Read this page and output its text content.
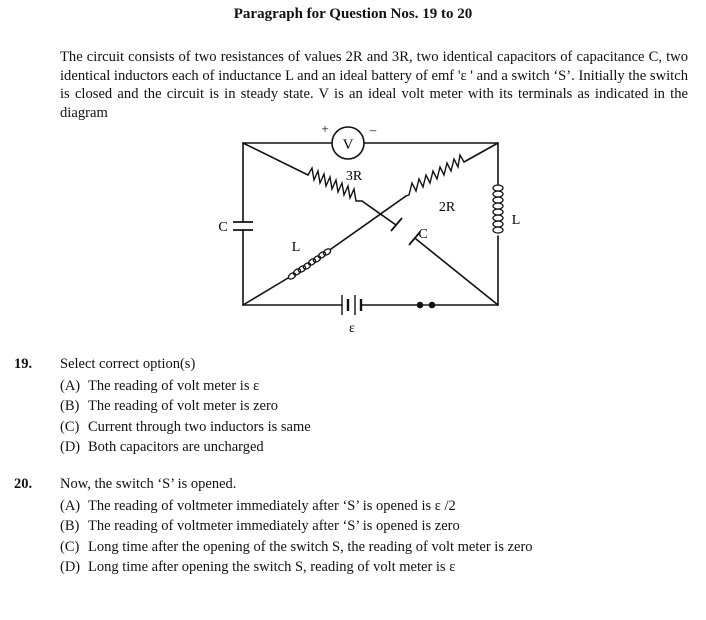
Paragraph for Question Nos. 19 to 20
The circuit consists of two resistances of values 2R and 3R, two identical capacitors of capacitance C, two identical inductors each of inductance L and an ideal battery of emf 'ε ' and a switch ‘S’. Initially the switch is closed and the circuit is in steady state. V is an ideal volt meter with its terminals as indicated in the diagram
V
+	–
C
3R
2R
C
L
L
ε
19. Select correct option(s)
(A) The reading of volt meter is ε
(B) The reading of volt meter is zero
(C) Current through two inductors is same
(D) Both capacitors are uncharged
20. Now, the switch ‘S’ is opened.
(A) The reading of voltmeter immediately after ‘S’ is opened is ε /2
(B) The reading of voltmeter immediately after ‘S’ is opened is zero
(C) Long time after the opening of the switch S, the reading of volt meter is zero
(D) Long time after opening the switch S, reading of volt meter is ε
